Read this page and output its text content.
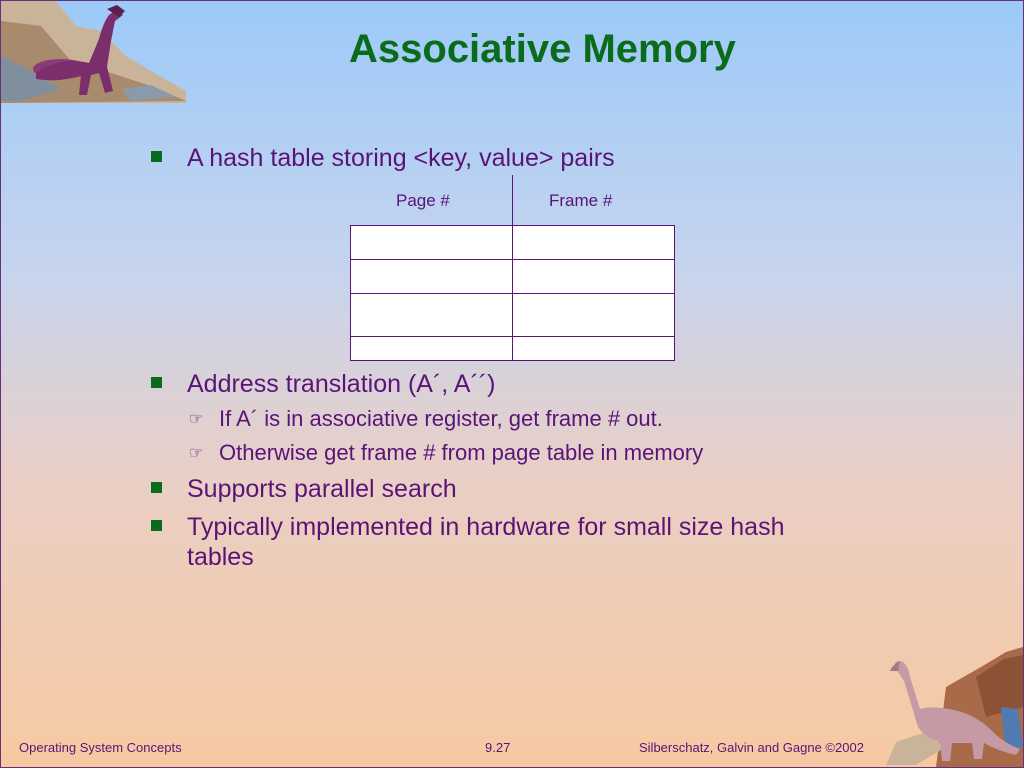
Associative Memory
A hash table storing <key, value> pairs
Page #	Frame #

Address translation (A´, A´´)
☞ If A´ is in associative register, get frame # out.
☞ Otherwise get frame # from page table in memory
Supports parallel search
Typically implemented in hardware for small size hash
tables
Operating System Concepts	9.27	Silberschatz, Galvin and Gagne ©2002
